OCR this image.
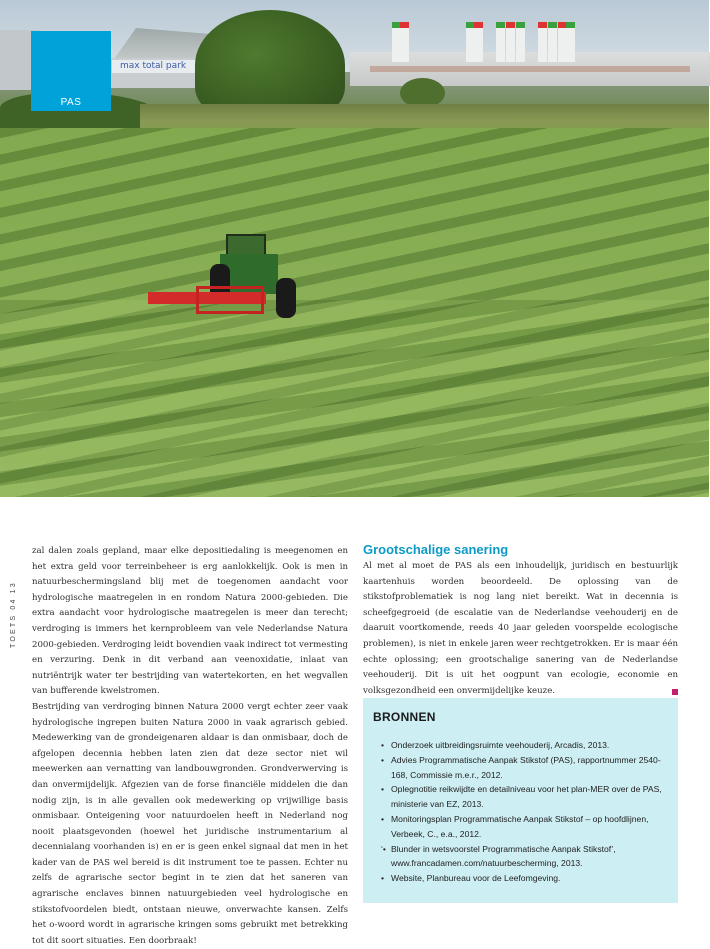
max total park
PAS
TOETS 04 13

zal dalen zoals gepland, maar elke depositiedaling is meegenomen en het extra geld voor terreinbeheer is erg aanlokkelijk. Ook is men in natuurbeschermingsland blij met de toegenomen aandacht voor hydrologische maatregelen in en rondom Natura 2000-gebieden. Die extra aandacht voor hydrologische maatregelen is meer dan terecht; verdroging is immers het kernprobleem van vele Nederlandse Natura 2000-gebieden. Verdroging leidt bovendien vaak indirect tot vermesting en verzuring. Denk in dit verband aan veenoxidatie, inlaat van nutriëntrijk water ter bestrijding van watertekorten, en het wegvallen van bufferende kwelstromen.

Bestrijding van verdroging binnen Natura 2000 vergt echter zeer vaak hydrologische ingrepen buiten Natura 2000 in vaak agrarisch gebied. Medewerking van de grondeigenaren aldaar is dan onmisbaar, doch de afgelopen decennia hebben laten zien dat deze sector niet wil meewerken aan vernatting van landbouwgronden. Grondverwerving is dan onvermijdelijk. Afgezien van de forse financiële middelen die dan nodig zijn, is in alle gevallen ook medewerking op vrijwillige basis onmisbaar. Onteigening voor natuurdoelen heeft in Nederland nog nooit plaatsgevonden (hoewel het juridische instrumentarium al decennialang voorhanden is) en er is geen enkel signaal dat men in het kader van de PAS wel bereid is dit instrument toe te passen. Echter nu zelfs de agrarische sector begint in te zien dat het saneren van agrarische enclaves binnen natuurgebieden veel hydrologische en stikstofvoordelen biedt, ontstaan nieuwe, onverwachte kansen. Zelfs het o-woord wordt in agrarische kringen soms gebruikt met betrekking tot dit soort situaties. Een doorbraak!

Grootschalige sanering

Al met al moet de PAS als een inhoudelijk, juridisch en bestuurlijk kaartenhuis worden beoordeeld. De oplossing van de stikstofproblematiek is nog lang niet bereikt. Wat in decennia is scheefgegroeid (de escalatie van de Nederlandse veehouderij en de daaruit voortkomende, reeds 40 jaar geleden voorspelde ecologische problemen), is niet in enkele jaren weer rechtgetrokken. Er is maar één echte oplossing; een grootschalige sanering van de Nederlandse veehouderij. Dit is uit het oogpunt van ecologie, economie en volksgezondheid een onvermijdelijke keuze.

BRONNEN
• Onderzoek uitbreidingsruimte veehouderij, Arcadis, 2013.
• Advies Programmatische Aanpak Stikstof (PAS), rapportnummer 2540-168, Commissie m.e.r., 2012.
• Oplegnotitie reikwijdte en detailniveau voor het plan-MER over de PAS, ministerie van EZ, 2013.
• Monitoringsplan Programmatische Aanpak Stikstof – op hoofdlijnen, Verbeek, C., e.a., 2012.
‘• Blunder in wetsvoorstel Programmatische Aanpak Stikstof’, www.francadamen.com/natuurbescherming, 2013.
• Website, Planbureau voor de Leefomgeving.
